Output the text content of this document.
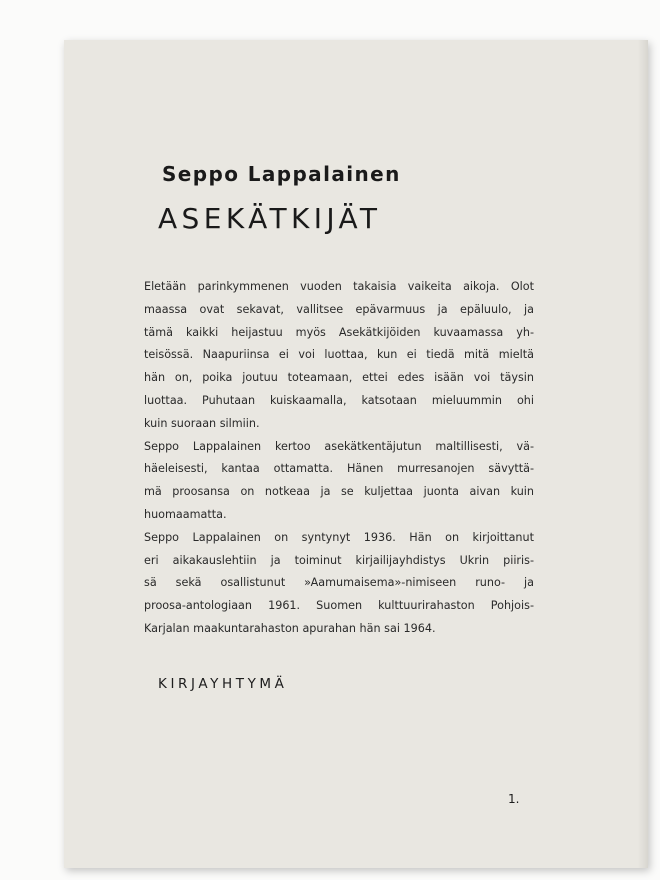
Seppo Lappalainen
ASEKÄTKIJÄT

Eletään parinkymmenen vuoden takaisia vaikeita aikoja. Olot
maassa ovat sekavat, vallitsee epävarmuus ja epäluulo, ja
tämä kaikki heijastuu myös Asekätkijöiden kuvaamassa yh-
teisössä. Naapuriinsa ei voi luottaa, kun ei tiedä mitä mieltä
hän on, poika joutuu toteamaan, ettei edes isään voi täysin
luottaa. Puhutaan kuiskaamalla, katsotaan mieluummin ohi
kuin suoraan silmiin.

Seppo Lappalainen kertoo asekätkentäjutun maltillisesti, vä-
häeleisesti, kantaa ottamatta. Hänen murresanojen sävyttä-
mä proosansa on notkeaa ja se kuljettaa juonta aivan kuin
huomaamatta.

Seppo Lappalainen on syntynyt 1936. Hän on kirjoittanut
eri aikakauslehtiin ja toiminut kirjailijayhdistys Ukrin piiris-
sä sekä osallistunut »Aamumaisema»-nimiseen runo- ja
proosa-antologiaan 1961. Suomen kulttuurirahaston Pohjois-
Karjalan maakuntarahaston apurahan hän sai 1964.

KIRJAYHTYMÄ

1.
